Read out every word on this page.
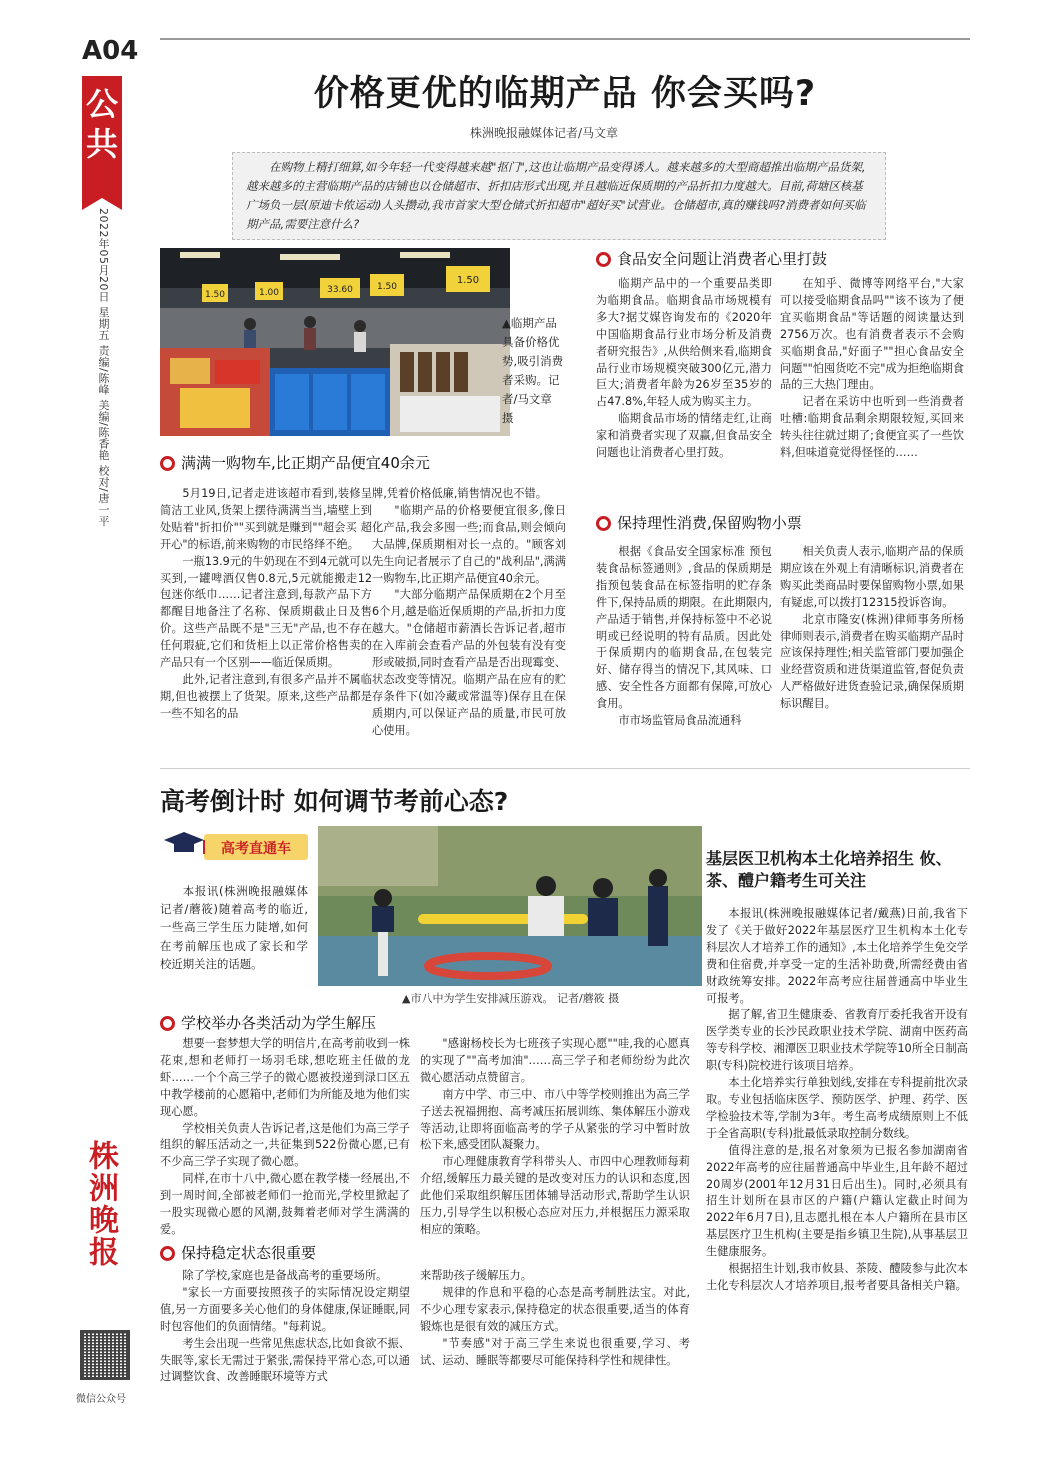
A04
公共
2022年05月20日 星期五 责编/陈峰 美编/陈香艳 校对/唐一平
株洲晚报
微信公众号
价格更优的临期产品 你会买吗?
株洲晚报融媒体记者/马文章
在购物上精打细算,如今年轻一代变得越来越"抠门",这也让临期产品变得诱人。越来越多的大型商超推出临期产品货架,越来越多的主营临期产品的店铺也以仓储超市、折扣店形式出现,并且越临近保质期的产品折扣力度越大。目前,荷塘区核基广场负一层(原迪卡侬运动)人头攒动,我市首家大型仓储式折扣超市"超好买"试营业。仓储超市,真的赚钱吗?消费者如何买临期产品,需要注意什么?
1.50	1.00	33.60	1.50
1.50
▲临期产品具备价格优势,吸引消费者采购。记者/马文章 摄
满满一购物车,比正期产品便宜40余元

5月19日,记者走进该超市看到,装修呈简洁工业风,货架上摆待满满当当,墙壁上到处贴着"折扣价""买到就是赚到""超会买 超开心"的标语,前来购物的市民络绎不绝。

一瓶13.9元的牛奶现在不到4元就可以买到,一罐啤酒仅售0.8元,5元就能搬走12包迷你纸巾……记者注意到,每款产品下方都醒目地备注了名称、保质期截止日及售价。这些产品既不是"三无"产品,也不存在任何瑕疵,它们和货柜上以正常价格售卖的产品只有一个区别——临近保质期。

此外,记者注意到,有很多产品并不属临期,但也被摆上了货架。原来,这些产品都是一些不知名的品

牌,凭着价格低廉,销售情况也不错。

"临期产品的价格要便宜很多,像日化产品,我会多囤一些;而食品,则会倾向大品牌,保质期相对长一点的。"顾客刘先生向记者展示了自己的"战利品",满满一购物车,比正期产品便宜40余元。

"大部分临期产品保质期在2个月至6个月,越是临近保质期的产品,折扣力度越大。"仓储超市薪酒长告诉记者,超市在入库前会查看产品的外包装有没有变形或破损,同时查看产品是否出现霉变、状态改变等情况。临期产品在应有的贮存条件下(如冷藏或常温等)保存且在保质期内,可以保证产品的质量,市民可放心使用。

食品安全问题让消费者心里打鼓

临期产品中的一个重要品类即为临期食品。临期食品市场规模有多大?据艾媒咨询发布的《2020年中国临期食品行业市场分析及消费者研究报告》,从供给侧来看,临期食品行业市场规模突破300亿元,潜力巨大;消费者年龄为26岁至35岁的占47.8%,年轻人成为购买主力。

临期食品市场的情绪走红,让商家和消费者实现了双赢,但食品安全问题也让消费者心里打鼓。

在知乎、微博等网络平台,"大家可以接受临期食品吗""该不该为了便宜买临期食品"等话题的阅读量达到2756万次。也有消费者表示不会购买临期食品,"好面子""担心食品安全问题""怕囤货吃不完"成为拒绝临期食品的三大热门理由。

记者在采访中也听到一些消费者吐槽:临期食品剩余期限较短,买回来转头往往就过期了;食便宜买了一些饮料,但味道竟觉得怪怪的……

保持理性消费,保留购物小票

根据《食品安全国家标准 预包装食品标签通则》,食品的保质期是指预包装食品在标签指明的贮存条件下,保持品质的期限。在此期限内,产品适于销售,并保持标签中不必说明或已经说明的特有品质。因此处于保质期内的临期食品,在包装完好、储存得当的情况下,其风味、口感、安全性各方面都有保障,可放心食用。

市市场监管局食品流通科

相关负责人表示,临期产品的保质期应该在外观上有清晰标识,消费者在购买此类商品时要保留购物小票,如果有疑虑,可以拨打12315投诉咨询。

北京市隆安(株洲)律师事务所杨律师则表示,消费者在购买临期产品时应该保持理性;相关监管部门要加强企业经营资质和进货渠道监管,督促负责人严格做好进货查验记录,确保保质期标识醒目。

高考倒计时 如何调节考前心态?
高考直通车

本报讯(株洲晚报融媒体记者/蘑筱)随着高考的临近,一些高三学生压力陡增,如何在考前解压也成了家长和学校近期关注的话题。

▲市八中为学生安排减压游戏。 记者/蘑筱 摄
学校举办各类活动为学生解压

想要一套梦想大学的明信片,在高考前收到一株花束,想和老师打一场羽毛球,想吃班主任做的龙虾……一个个高三学子的微心愿被投递到渌口区五中教学楼前的心愿箱中,老师们为所能及地为他们实现心愿。

学校相关负责人告诉记者,这是他们为高三学子组织的解压活动之一,共征集到522份微心愿,已有不少高三学子实现了微心愿。

同样,在市十八中,微心愿在教学楼一经展出,不到一周时间,全部被老师们一抢而光,学校里掀起了一股实现微心愿的风潮,鼓舞着老师对学生满满的爱。

"感谢杨校长为七班孩子实现心愿""哇,我的心愿真的实现了""高考加油"……高三学子和老师纷纷为此次微心愿活动点赞留言。

南方中学、市三中、市八中等学校则推出为高三学子送去祝福拥抱、高考减压拓展训练、集体解压小游戏等活动,让即将面临高考的学子从紧张的学习中暂时放松下来,感受团队凝聚力。

市心理健康教育学科带头人、市四中心理教师每莉介绍,缓解压力最关键的是改变对压力的认识和态度,因此他们采取组织解压团体辅导活动形式,帮助学生认识压力,引导学生以积极心态应对压力,并根据压力源采取相应的策略。

保持稳定状态很重要

除了学校,家庭也是备战高考的重要场所。

"家长一方面要按照孩子的实际情况设定期望值,另一方面要多关心他们的身体健康,保证睡眠,同时包容他们的负面情绪。"每莉说。

考生会出现一些常见焦虑状态,比如食欲不振、失眠等,家长无需过于紧张,需保持平常心态,可以通过调整饮食、改善睡眠环境等方式

来帮助孩子缓解压力。

规律的作息和平稳的心态是高考制胜法宝。对此,不少心理专家表示,保持稳定的状态很重要,适当的体育锻炼也是很有效的减压方式。

"节奏感"对于高三学生来说也很重要,学习、考试、运动、睡眠等都要尽可能保持科学性和规律性。

基层医卫机构本土化培养招生 攸、茶、醴户籍考生可关注

本报讯(株洲晚报融媒体记者/戴燕)日前,我省下发了《关于做好2022年基层医疗卫生机构本土化专科层次人才培养工作的通知》,本土化培养学生免交学费和住宿费,并享受一定的生活补助费,所需经费由省财政统筹安排。2022年高考应往届普通高中毕业生可报考。

据了解,省卫生健康委、省教育厅委托我省开设有医学类专业的长沙民政职业技术学院、湖南中医药高等专科学校、湘潭医卫职业技术学院等10所全日制高职(专科)院校进行该项目培养。

本土化培养实行单独划线,安排在专科提前批次录取。专业包括临床医学、预防医学、护理、药学、医学检验技术等,学制为3年。考生高考成绩原则上不低于全省高职(专科)批最低录取控制分数线。

值得注意的是,报名对象须为已报名参加湖南省2022年高考的应往届普通高中毕业生,且年龄不超过20周岁(2001年12月31日后出生)。同时,必须具有招生计划所在县市区的户籍(户籍认定截止时间为2022年6月7日),且志愿扎根在本人户籍所在县市区基层医疗卫生机构(主要是指乡镇卫生院),从事基层卫生健康服务。

根据招生计划,我市攸县、茶陵、醴陵参与此次本土化专科层次人才培养项目,报考者要具备相关户籍。
